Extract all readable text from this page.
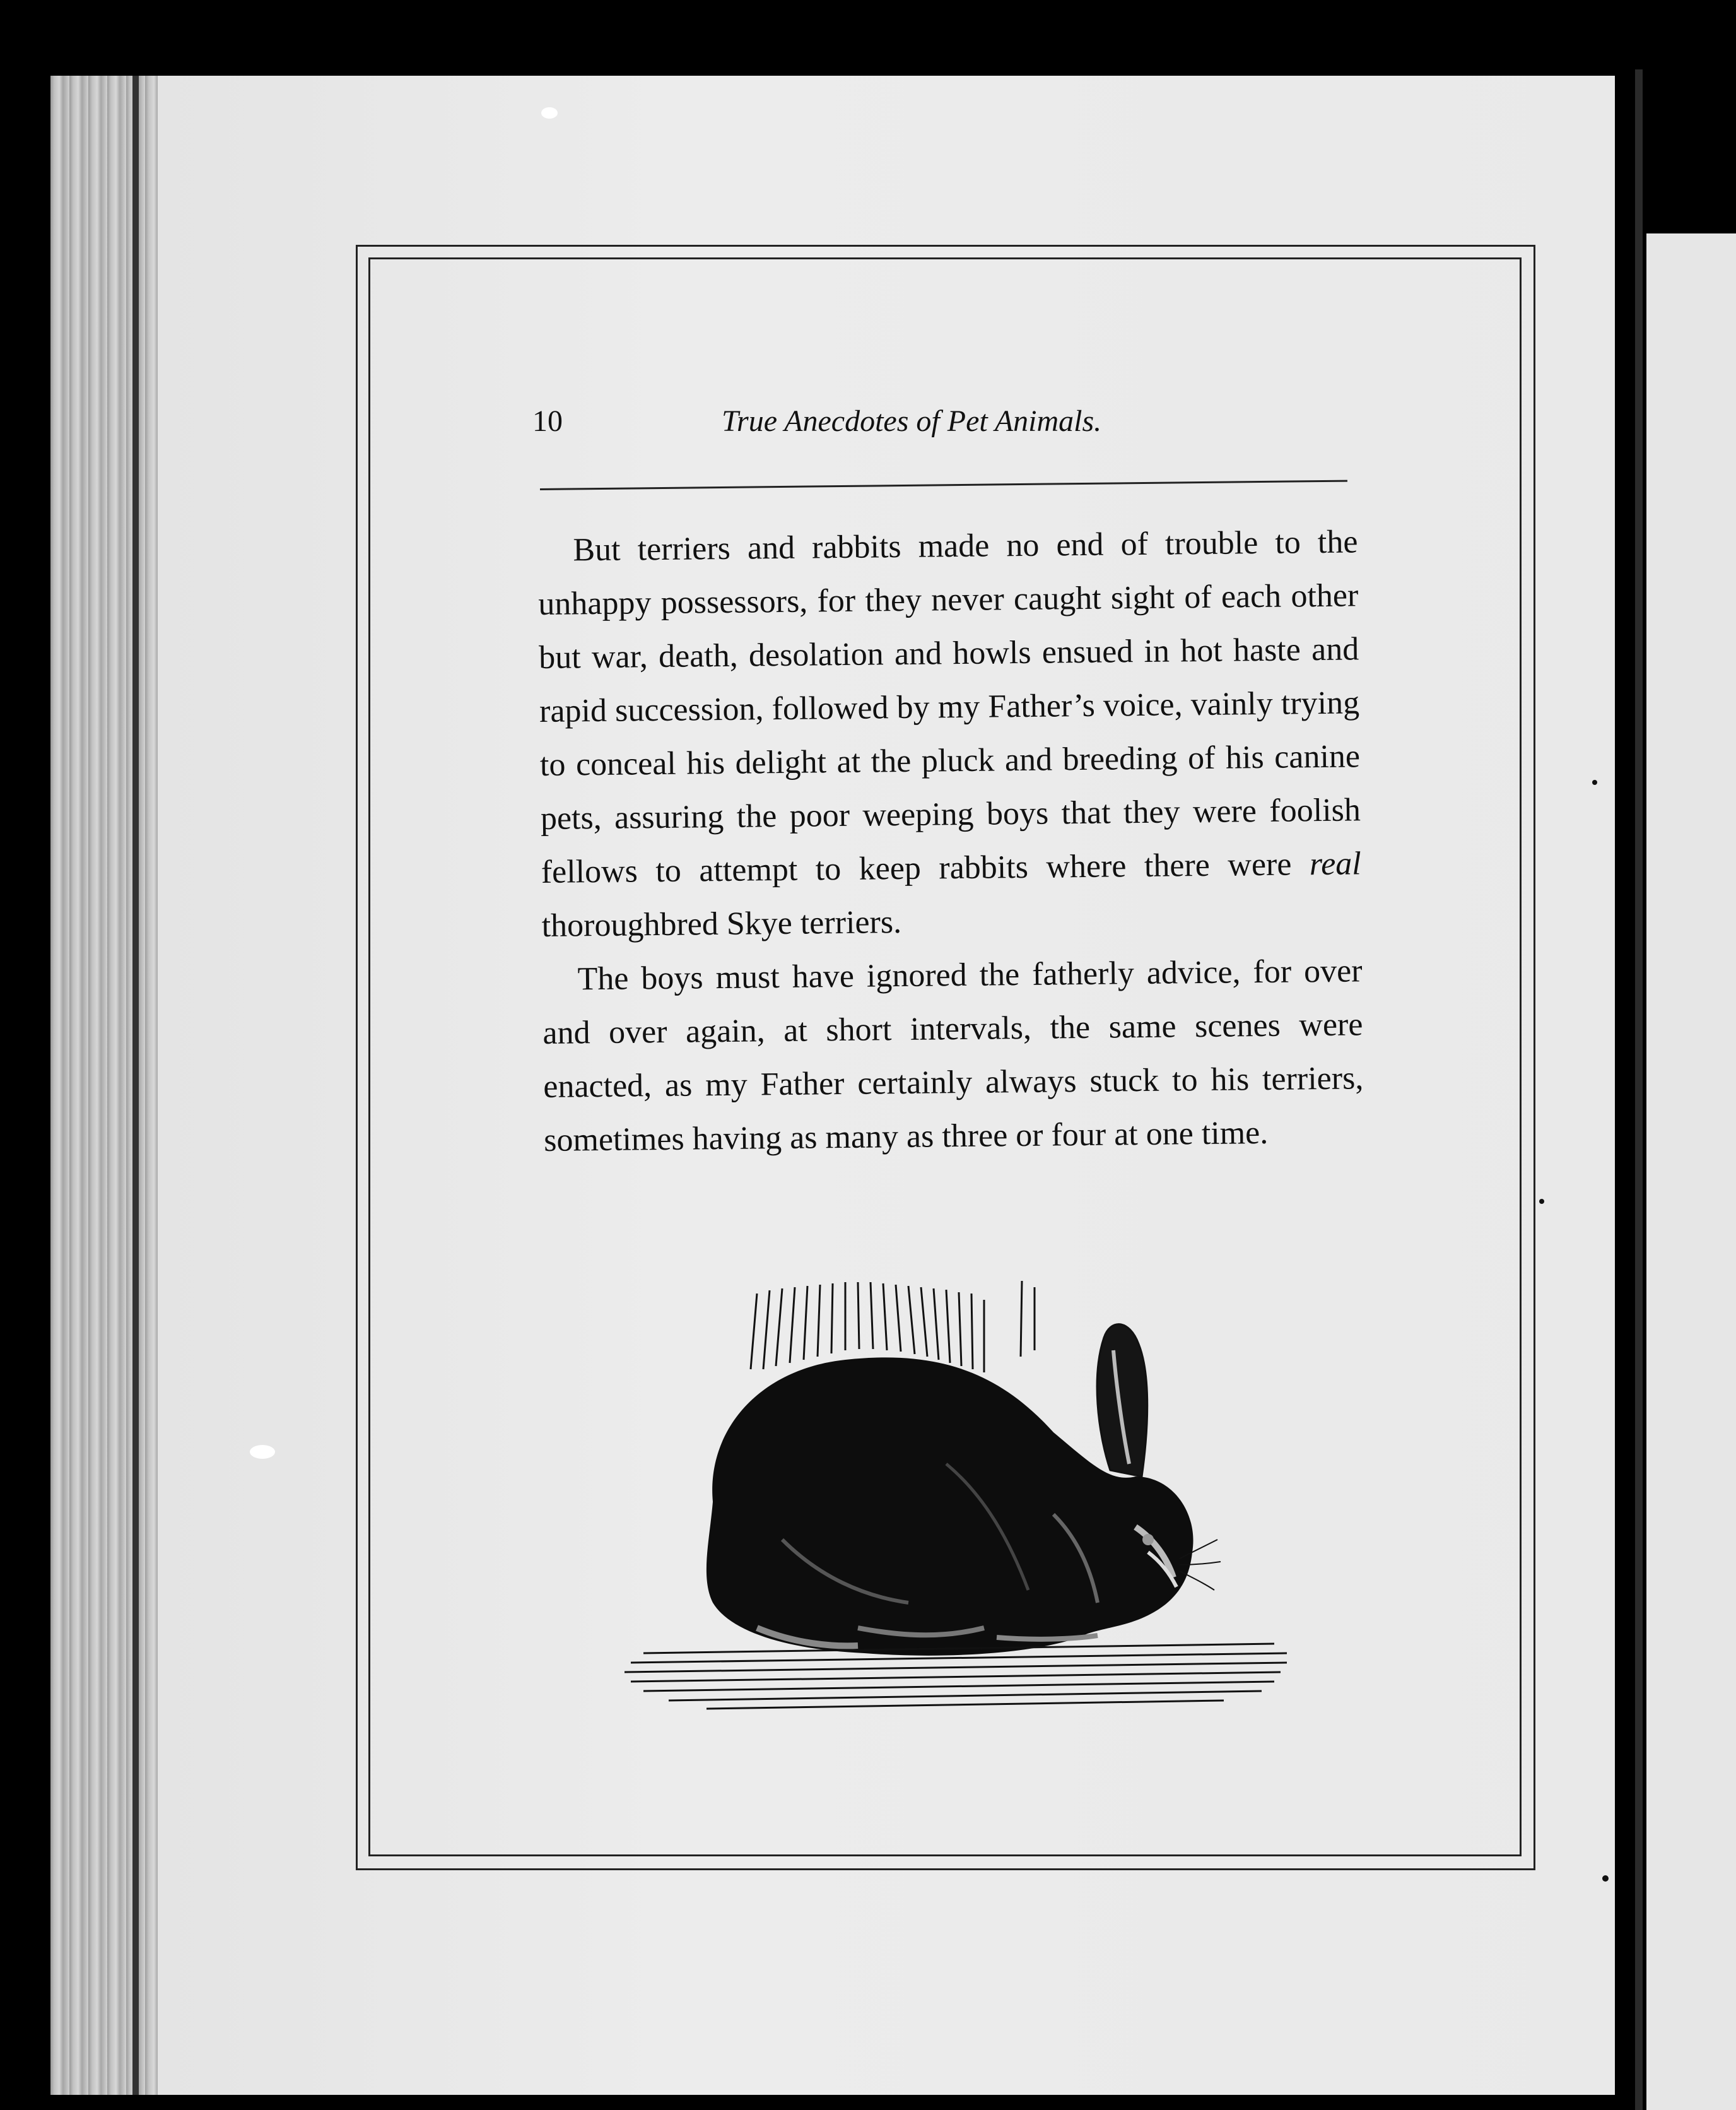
10	True Anecdotes of Pet Animals.

But terriers and rabbits made no end of trouble to the unhappy possessors, for they never caught sight of each other but war, death, desolation and howls ensued in hot haste and rapid succession, followed by my Father’s voice, vainly trying to conceal his delight at the pluck and breeding of his canine pets, assuring the poor weeping boys that they were foolish fellows to attempt to keep rabbits where there were real thoroughbred Skye terriers.

The boys must have ignored the fatherly advice, for over and over again, at short intervals, the same scenes were enacted, as my Father certainly always stuck to his terriers, sometimes having as many as three or four at one time.
